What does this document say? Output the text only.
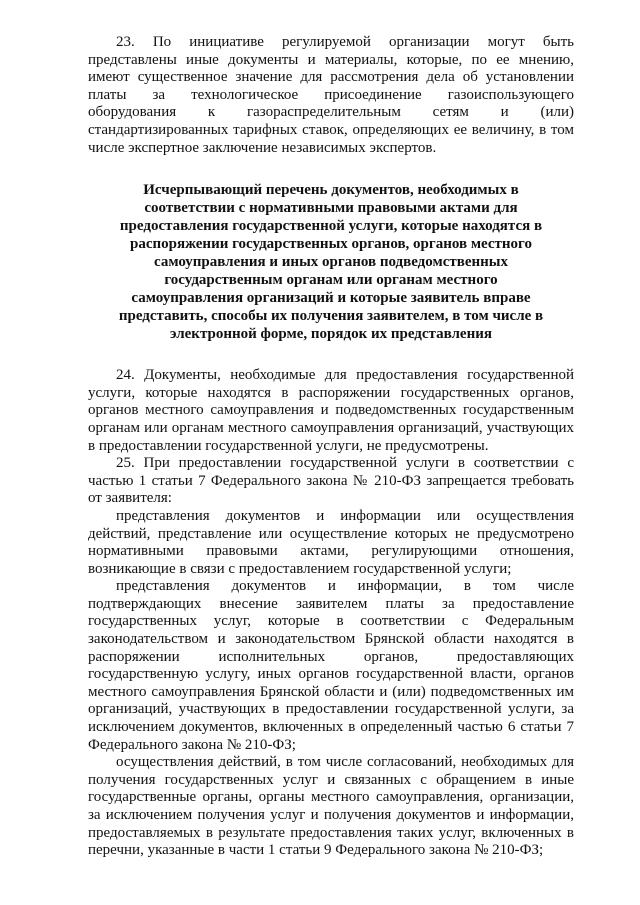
23. По инициативе регулируемой организации могут быть представлены иные документы и материалы, которые, по ее мнению, имеют существенное значение для рассмотрения дела об установлении платы за технологическое присоединение газоиспользующего оборудования к газораспределительным сетям и (или) стандартизированных тарифных ставок, определяющих ее величину, в том числе экспертное заключение независимых экспертов.

Исчерпывающий перечень документов, необходимых в соответствии с нормативными правовыми актами для предоставления государственной услуги, которые находятся в распоряжении государственных органов, органов местного самоуправления и иных органов подведомственных государственным органам или органам местного самоуправления организаций и которые заявитель вправе представить, способы их получения заявителем, в том числе в электронной форме, порядок их представления

24. Документы, необходимые для предоставления государственной услуги, которые находятся в распоряжении государственных органов, органов местного самоуправления и подведомственных государственным органам или органам местного самоуправления организаций, участвующих в предоставлении государственной услуги, не предусмотрены.

25. При предоставлении государственной услуги в соответствии с частью 1 статьи 7 Федерального закона № 210-ФЗ запрещается требовать от заявителя:

представления документов и информации или осуществления действий, представление или осуществление которых не предусмотрено нормативными правовыми актами, регулирующими отношения, возникающие в связи с предоставлением государственной услуги;

представления документов и информации, в том числе подтверждающих внесение заявителем платы за предоставление государственных услуг, которые в соответствии с Федеральным законодательством и законодательством Брянской области находятся в распоряжении исполнительных органов, предоставляющих государственную услугу, иных органов государственной власти, органов местного самоуправления Брянской области и (или) подведомственных им организаций, участвующих в предоставлении государственной услуги, за исключением документов, включенных в определенный частью 6 статьи 7 Федерального закона № 210-ФЗ;

осуществления действий, в том числе согласований, необходимых для получения государственных услуг и связанных с обращением в иные государственные органы, органы местного самоуправления, организации, за исключением получения услуг и получения документов и информации, предоставляемых в результате предоставления таких услуг, включенных в перечни, указанные в части 1 статьи 9 Федерального закона № 210-ФЗ;
